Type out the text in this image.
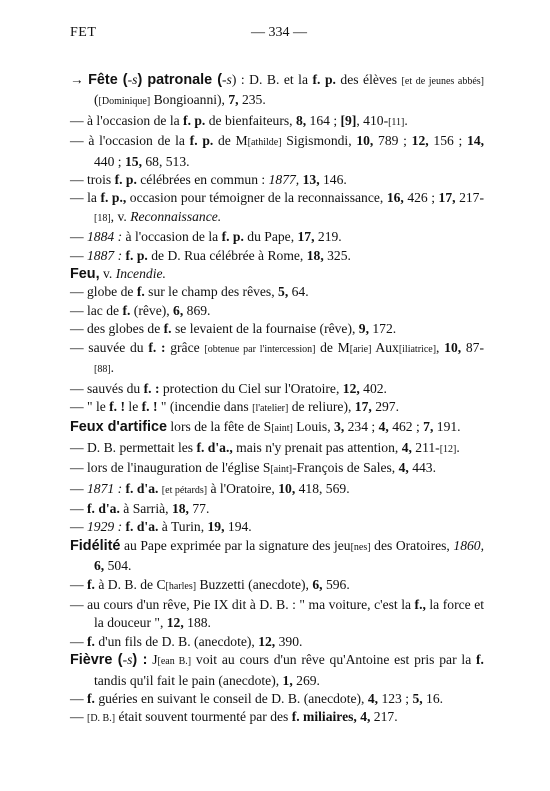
FET	— 334 —

→ Fête (-s) patronale (-s) : D. B. et la f. p. des élèves [et de jeunes abbés] ([Dominique] Bongioanni), 7, 235.

— à l'occasion de la f. p. de bienfaiteurs, 8, 164 ; [9], 410-[11].

— à l'occasion de la f. p. de M[athilde] Sigismondi, 10, 789 ; 12, 156 ; 14, 440 ; 15, 68, 513.

— trois f. p. célébrées en commun : 1877, 13, 146.

— la f. p., occasion pour témoigner de la reconnaissance, 16, 426 ; 17, 217-[18], v. Reconnaissance.

— 1884 : à l'occasion de la f. p. du Pape, 17, 219.

— 1887 : f. p. de D. Rua célébrée à Rome, 18, 325.

Feu, v. Incendie.

— globe de f. sur le champ des rêves, 5, 64.

— lac de f. (rêve), 6, 869.

— des globes de f. se levaient de la fournaise (rêve), 9, 172.

— sauvée du f. : grâce [obtenue par l'intercession] de M[arie] Aux[iliatrice], 10, 87-[88].

— sauvés du f. : protection du Ciel sur l'Oratoire, 12, 402.

— " le f. ! le f. ! " (incendie dans [l'atelier] de reliure), 17, 297.

Feux d'artifice lors de la fête de S[aint] Louis, 3, 234 ; 4, 462 ; 7, 191.

— D. B. permettait les f. d'a., mais n'y prenait pas attention, 4, 211-[12].

— lors de l'inauguration de l'église S[aint]-François de Sales, 4, 443.

— 1871 : f. d'a. [et pétards] à l'Oratoire, 10, 418, 569.

— f. d'a. à Sarrià, 18, 77.

— 1929 : f. d'a. à Turin, 19, 194.

Fidélité au Pape exprimée par la signature des jeu[nes] des Oratoires, 1860, 6, 504.

— f. à D. B. de C[harles] Buzzetti (anecdote), 6, 596.

— au cours d'un rêve, Pie IX dit à D. B. : " ma voiture, c'est la f., la force et la douceur ", 12, 188.

— f. d'un fils de D. B. (anecdote), 12, 390.

Fièvre (-s) : J[ean B.] voit au cours d'un rêve qu'Antoine est pris par la f. tandis qu'il fait le pain (anecdote), 1, 269.

— f. guéries en suivant le conseil de D. B. (anecdote), 4, 123 ; 5, 16.

— [D. B.] était souvent tourmenté par des f. miliaires, 4, 217.
